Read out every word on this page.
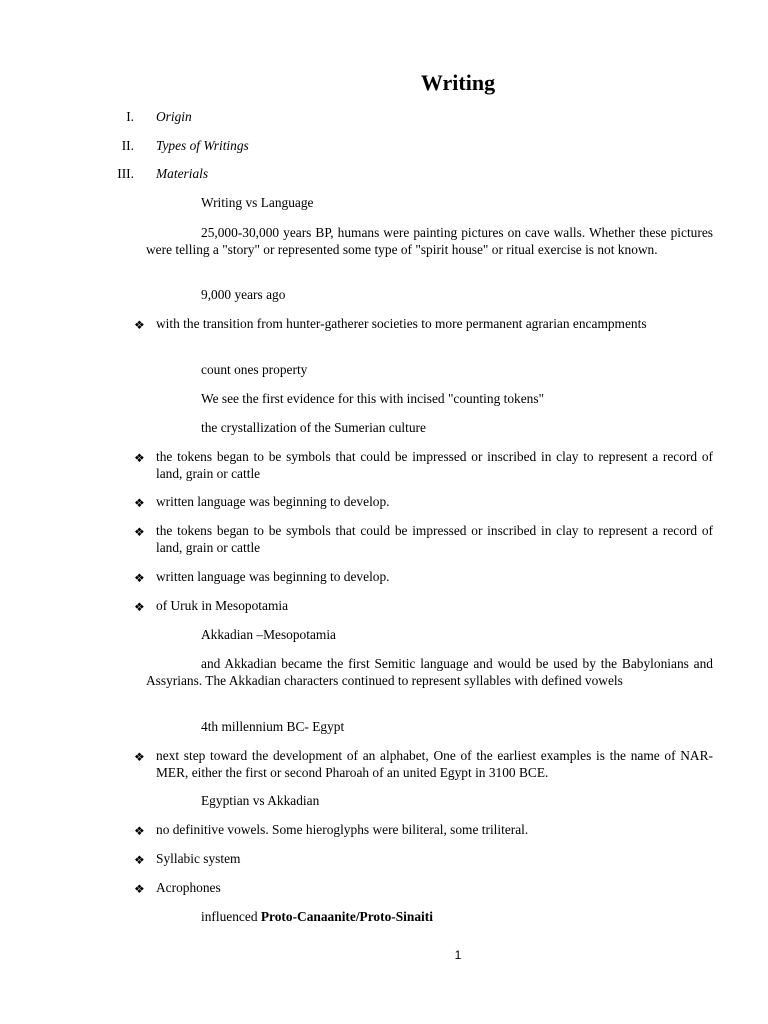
Writing
I. Origin
II. Types of Writings
III. Materials

Writing vs Language

25,000-30,000 years BP, humans were painting pictures on cave walls. Whether these pictures were telling a "story" or represented some type of "spirit house" or ritual exercise is not known.

9,000 years ago

❖ with the transition from hunter-gatherer societies to more permanent agrarian encampments

count ones property

We see the first evidence for this with incised "counting tokens"

the crystallization of the Sumerian culture

❖ the tokens began to be symbols that could be impressed or inscribed in clay to represent a record of land, grain or cattle

❖ written language was beginning to develop.

❖ the tokens began to be symbols that could be impressed or inscribed in clay to represent a record of land, grain or cattle

❖ written language was beginning to develop.

❖ of Uruk in Mesopotamia

Akkadian –Mesopotamia

and Akkadian became the first Semitic language and would be used by the Babylonians and Assyrians. The Akkadian characters continued to represent syllables with defined vowels

4th millennium BC- Egypt

❖ next step toward the development of an alphabet, One of the earliest examples is the name of NAR-MER, either the first or second Pharoah of an united Egypt in 3100 BCE.

Egyptian vs Akkadian

❖ no definitive vowels. Some hieroglyphs were biliteral, some triliteral.

❖ Syllabic system

❖ Acrophones

influenced Proto-Canaanite/Proto-Sinaiti

1
